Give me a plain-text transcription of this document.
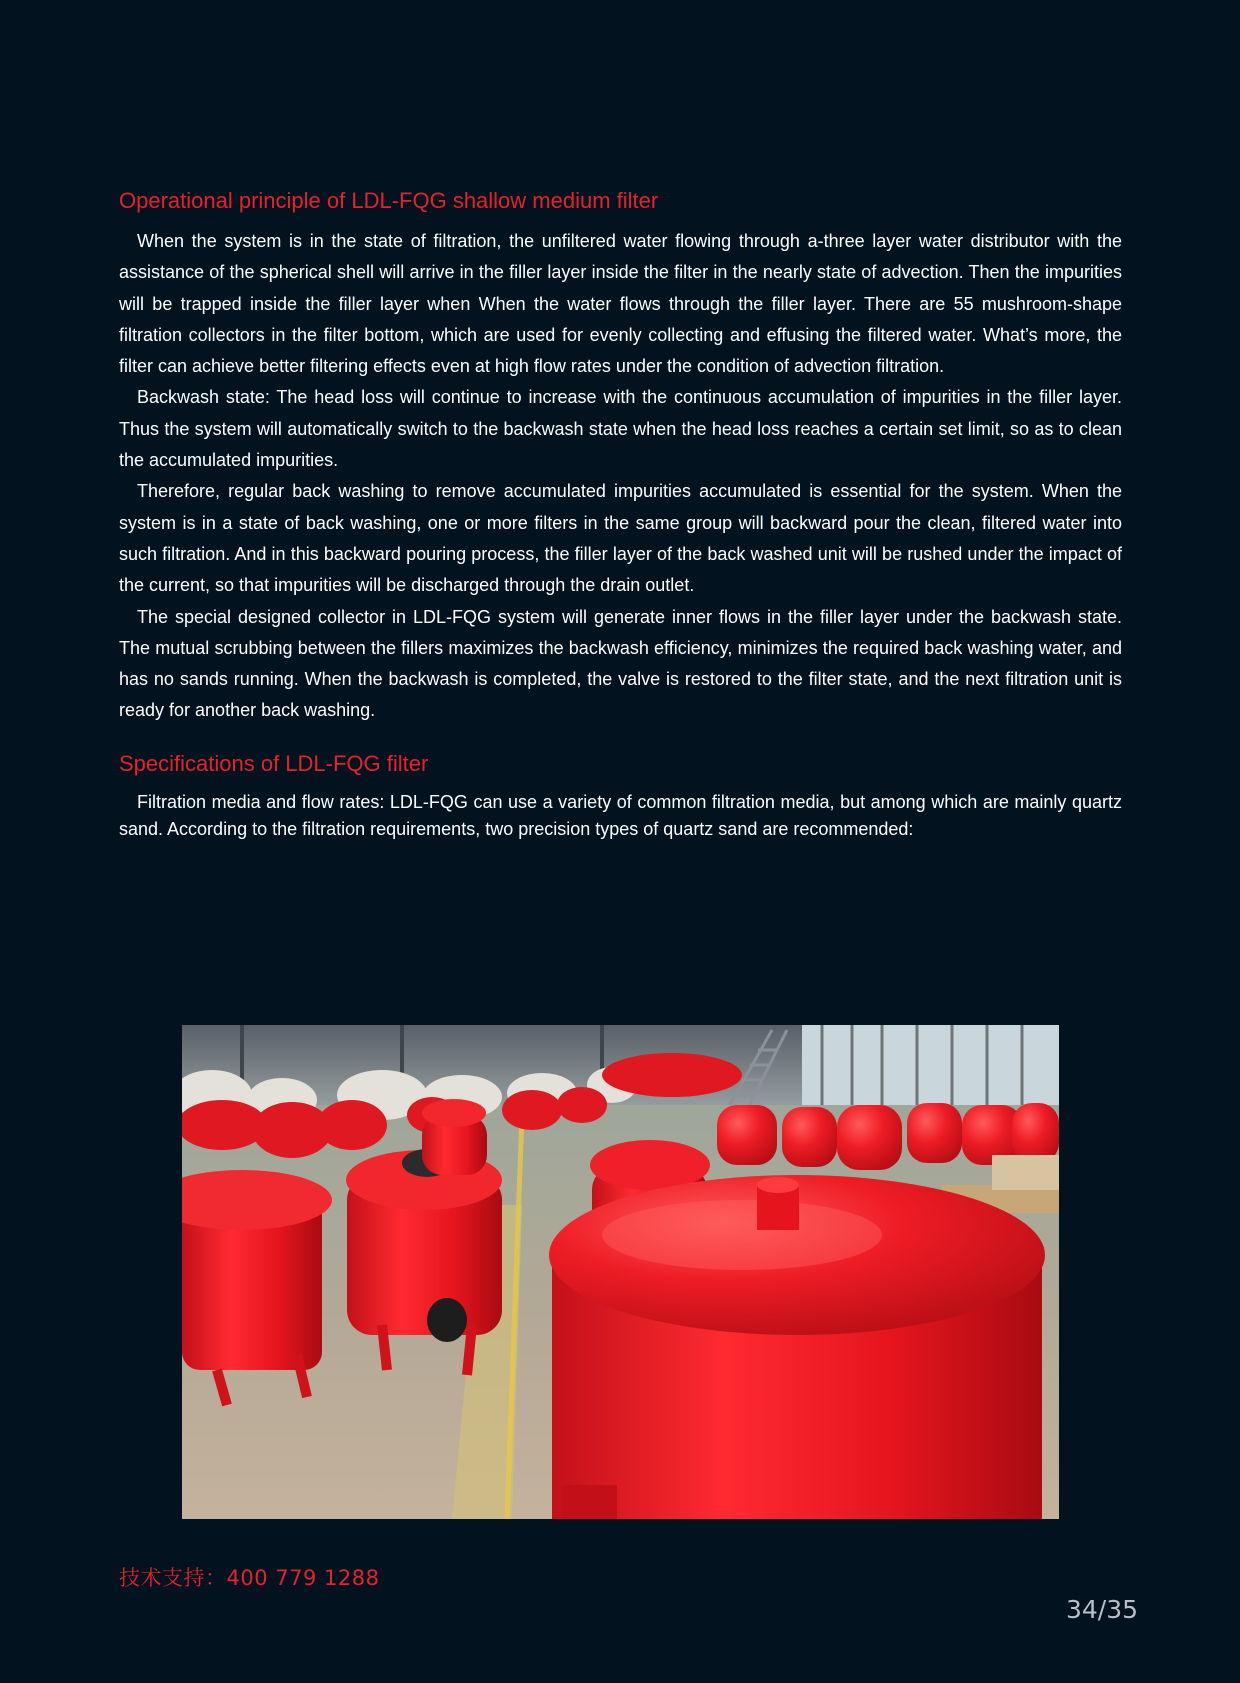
Operational principle of LDL-FQG shallow medium filter

When the system is in the state of filtration, the unfiltered water flowing through a-three layer water distributor with the assistance of the spherical shell will arrive in the filler layer inside the filter in the nearly state of advection. Then the impurities will be trapped inside the filler layer when When the water flows through the filler layer. There are 55 mushroom-shape filtration collectors in the filter bottom, which are used for evenly collecting and effusing the filtered water. What’s more, the filter can achieve better filtering effects even at high flow rates under the condition of advection filtration.

Backwash state: The head loss will continue to increase with the continuous accumulation of impurities in the filler layer. Thus the system will automatically switch to the backwash state when the head loss reaches a certain set limit, so as to clean the accumulated impurities.

Therefore, regular back washing to remove accumulated impurities accumulated is essential for the system. When the system is in a state of back washing, one or more filters in the same group will backward pour the clean, filtered water into such filtration. And in this backward pouring process, the filler layer of the back washed unit will be rushed under the impact of the current, so that impurities will be discharged through the drain outlet.

The special designed collector in LDL-FQG system will generate inner flows in the filler layer under the backwash state. The mutual scrubbing between the fillers maximizes the backwash efficiency, minimizes the required back washing water, and has no sands running. When the backwash is completed, the valve is restored to the filter state, and the next filtration unit is ready for another back washing.

Specifications of LDL-FQG filter

Filtration media and flow rates: LDL-FQG can use a variety of common filtration media, but among which are mainly quartz sand. According to the filtration requirements, two precision types of quartz sand are recommended:

技术支持：400 779 1288
34/35
